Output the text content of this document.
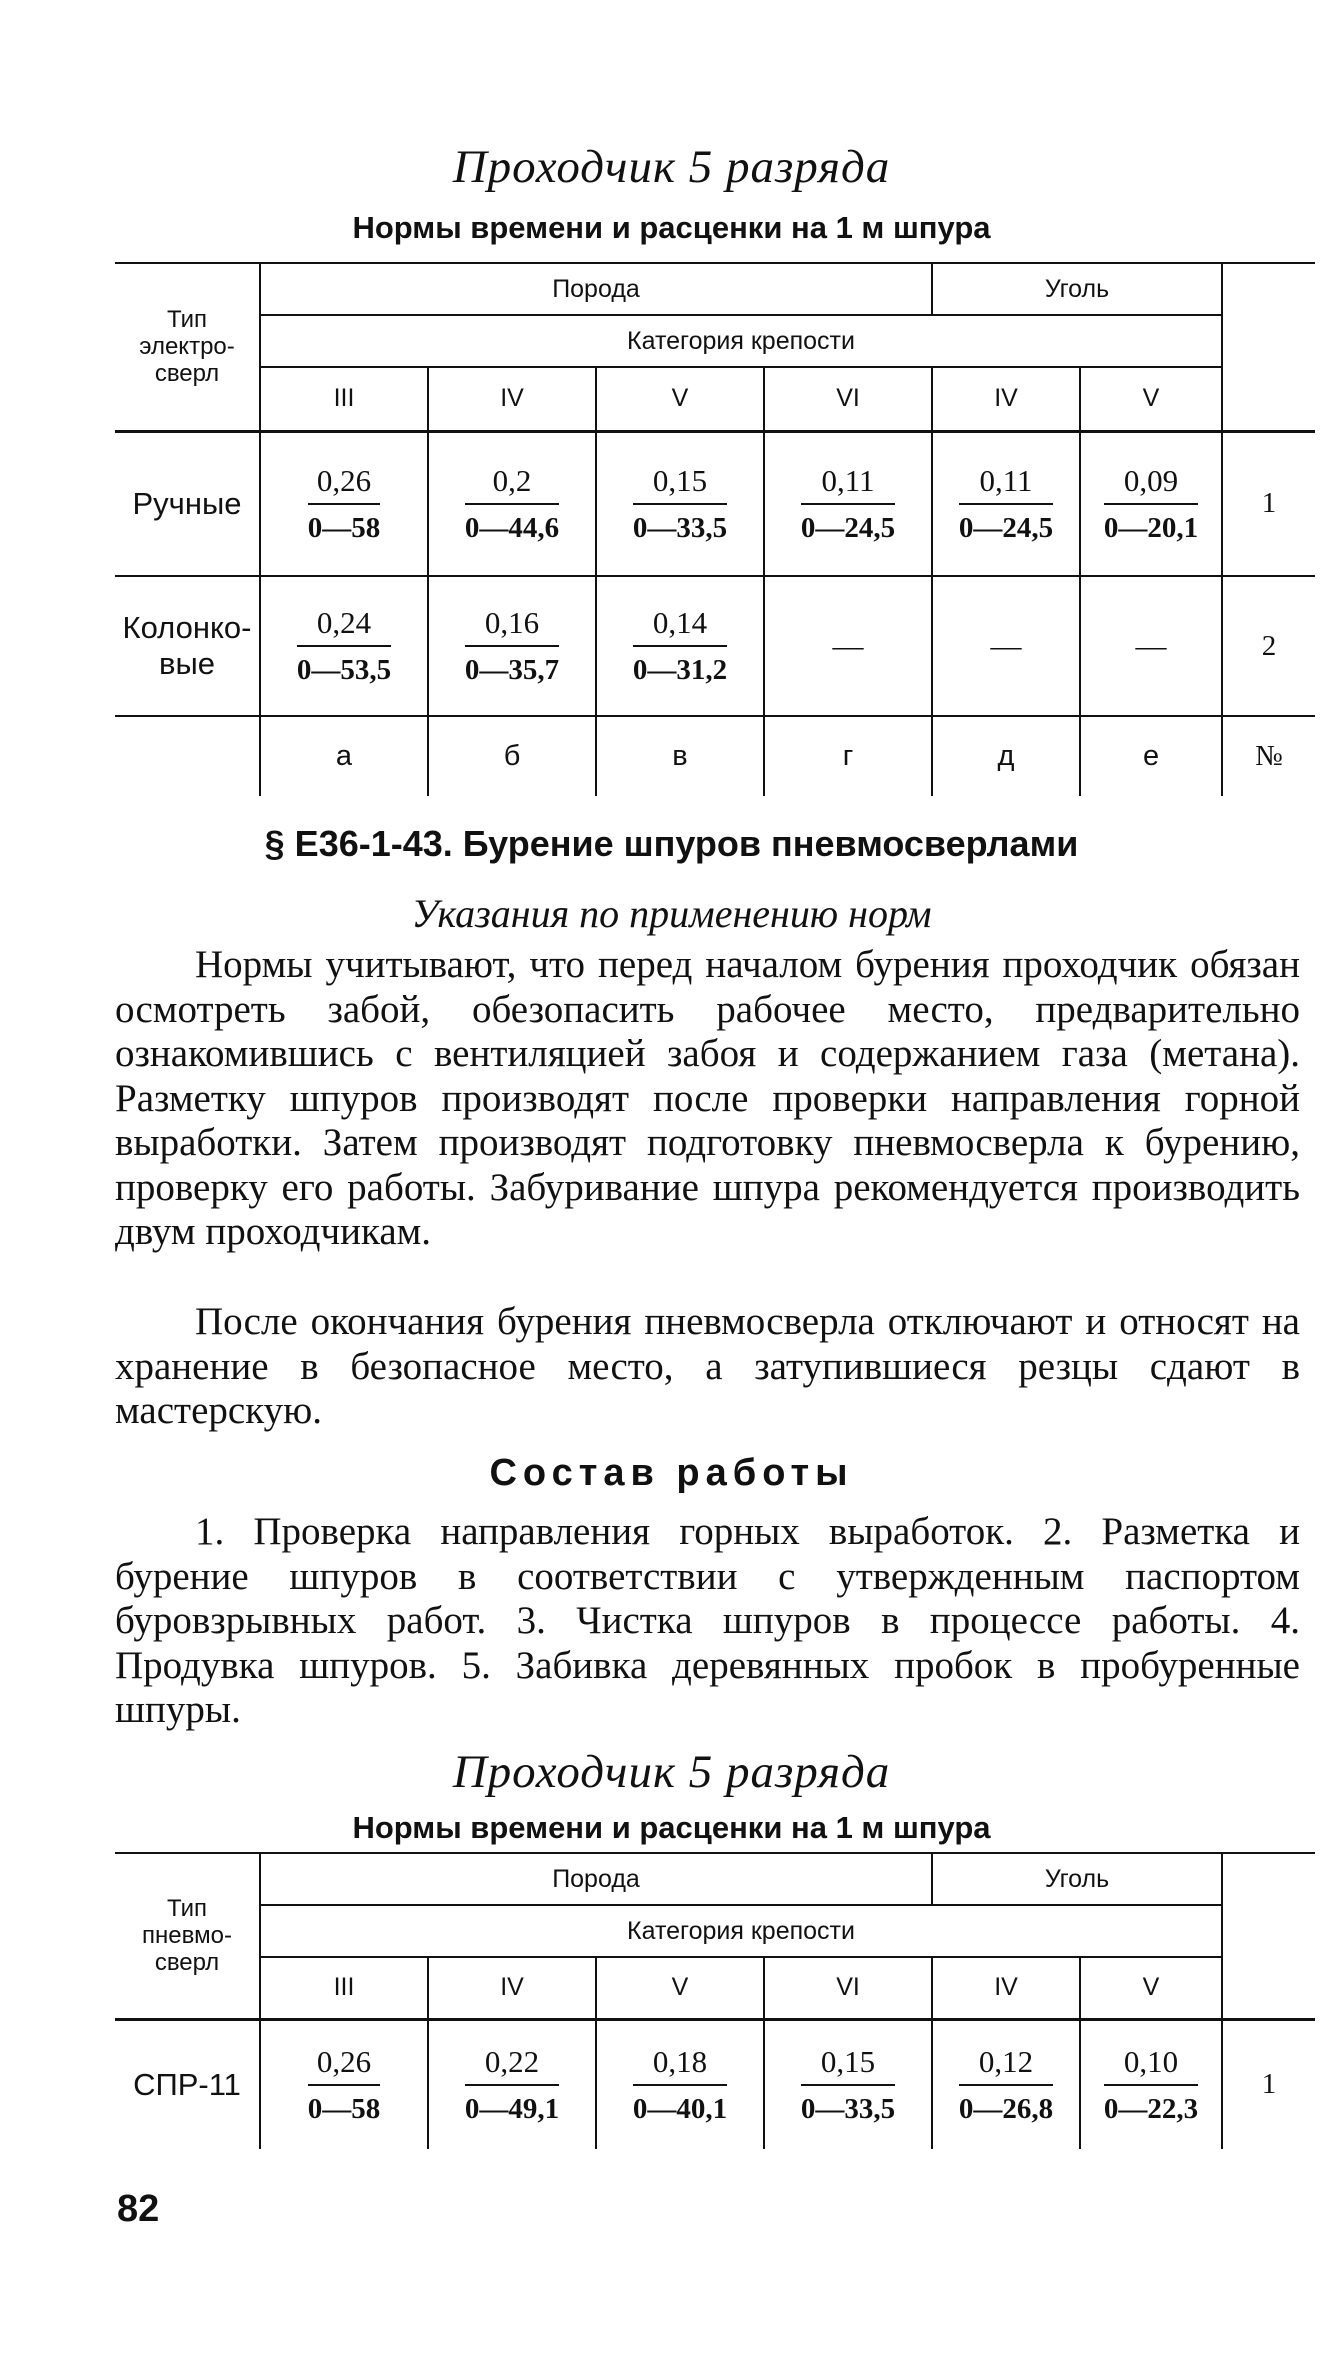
Проходчик 5 разряда
Нормы времени и расценки на 1 м шпура
Тип
электро-
сверл	Порода				Уголь		
	Категория крепости						
	III	IV	V	VI	IV	V	
Ручные	$\frac{0,26}{0—58}$	$\frac{0,2}{0—44,6}$	$\frac{0,15}{0—33,5}$	$\frac{0,11}{0—24,5}$	$\frac{0,11}{0—24,5}$	$\frac{0,09}{0—20,1}$	1
Колонко-
вые	$\frac{0,24}{0—53,5}$	$\frac{0,16}{0—35,7}$	$\frac{0,14}{0—31,2}$	—	—	—	2
	а	б	в	г	д	е	№
§ Е36-1-43. Бурение шпуров пневмосверлами
Указания по применению норм
Нормы учитывают, что перед началом бурения проходчик обязан осмотреть забой, обезопасить рабочее место, предварительно ознакомившись с вентиляцией забоя и содержанием газа (метана). Разметку шпуров производят после проверки направления горной выработки. Затем производят подготовку пневмосверла к бурению, проверку его работы. Забуривание шпура рекомендуется производить двум проходчикам.
После окончания бурения пневмосверла отключают и относят на хранение в безопасное место, а затупившиеся резцы сдают в мастерскую.
Состав работы
1. Проверка направления горных выработок. 2. Разметка и бурение шпуров в соответствии с утвержденным паспортом буровзрывных работ. 3. Чистка шпуров в процессе работы. 4. Продувка шпуров. 5. Забивка деревянных пробок в пробуренные шпуры.
Проходчик 5 разряда
Нормы времени и расценки на 1 м шпура
Тип
пневмо-
сверл	Порода				Уголь		
	Категория крепости						
	III	IV	V	VI	IV	V	
СПР-11	$\frac{0,26}{0—58}$	$\frac{0,22}{0—49,1}$	$\frac{0,18}{0—40,1}$	$\frac{0,15}{0—33,5}$	$\frac{0,12}{0—26,8}$	$\frac{0,10}{0—22,3}$	1
82
